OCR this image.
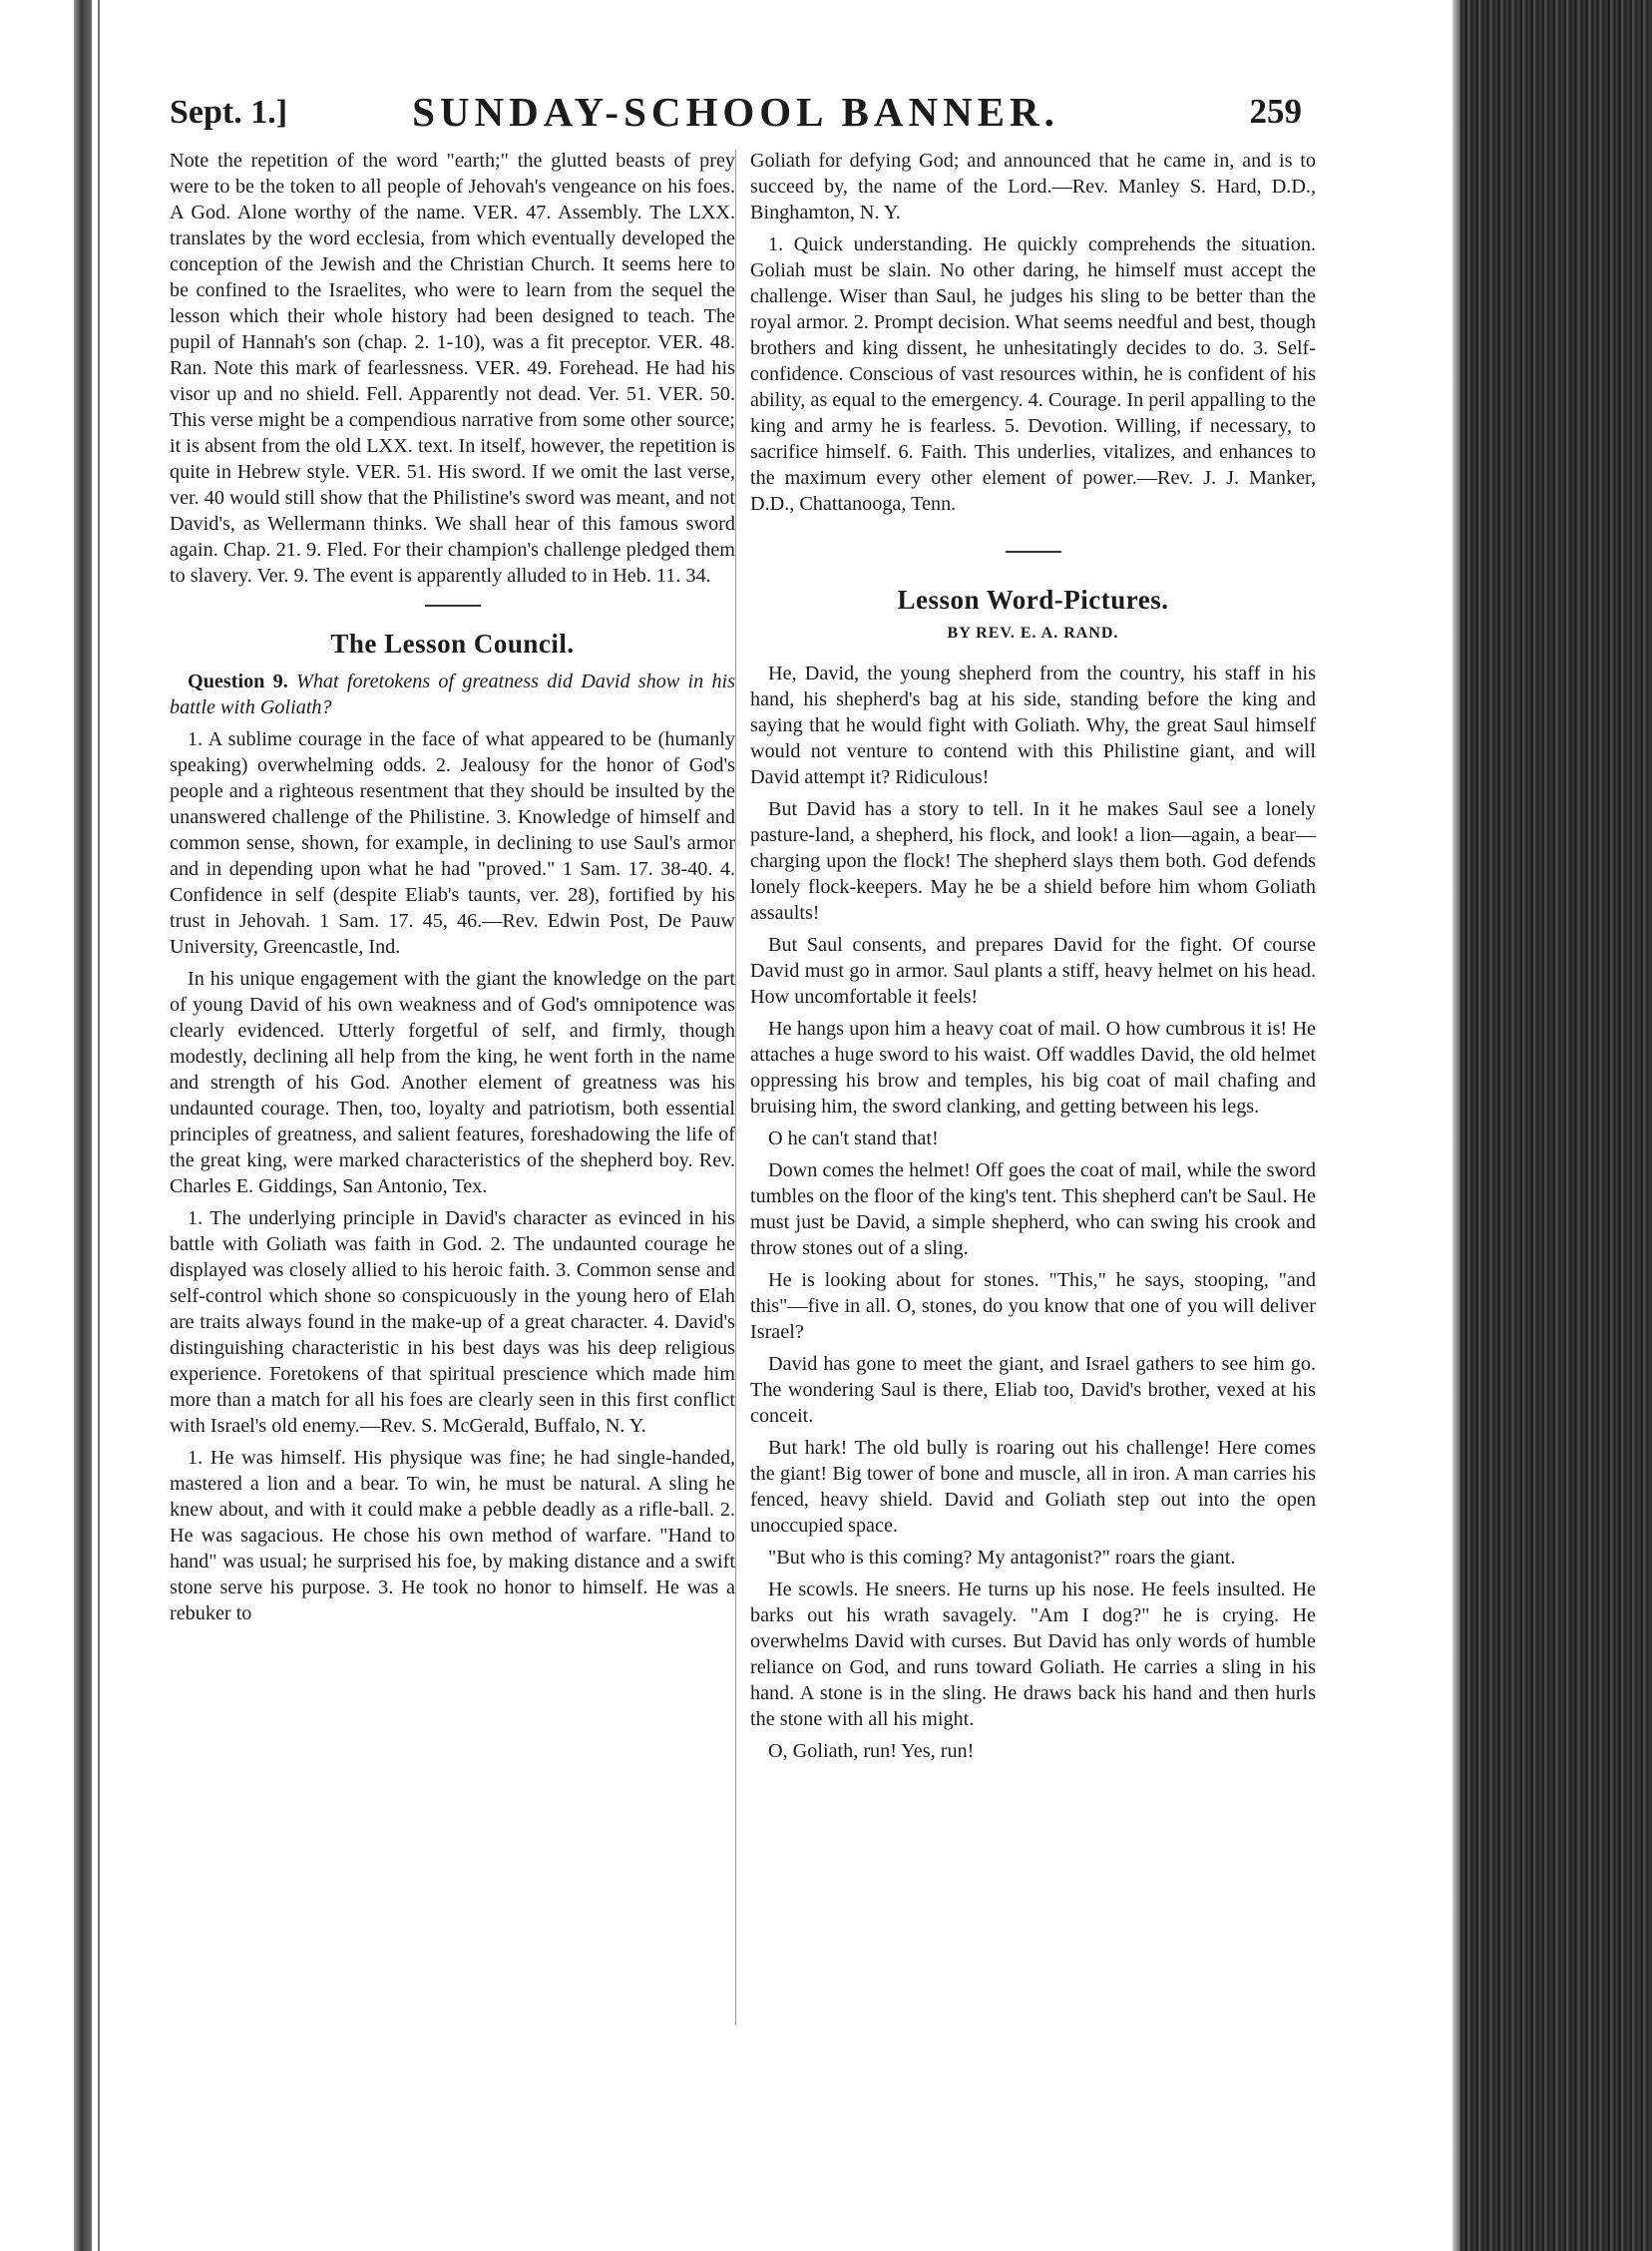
Sept. 1.]	SUNDAY-SCHOOL BANNER.	259

Note the repetition of the word "earth;" the glutted beasts of prey were to be the token to all people of Jehovah's vengeance on his foes. A God. Alone worthy of the name. VER. 47. Assembly. The LXX. translates by the word ecclesia, from which eventually developed the conception of the Jewish and the Christian Church. It seems here to be confined to the Israelites, who were to learn from the sequel the lesson which their whole history had been designed to teach. The pupil of Hannah's son (chap. 2. 1-10), was a fit preceptor. VER. 48. Ran. Note this mark of fearlessness. VER. 49. Forehead. He had his visor up and no shield. Fell. Apparently not dead. Ver. 51. VER. 50. This verse might be a compendious narrative from some other source; it is absent from the old LXX. text. In itself, however, the repetition is quite in Hebrew style. VER. 51. His sword. If we omit the last verse, ver. 40 would still show that the Philistine's sword was meant, and not David's, as Wellermann thinks. We shall hear of this famous sword again. Chap. 21. 9. Fled. For their champion's challenge pledged them to slavery. Ver. 9. The event is apparently alluded to in Heb. 11. 34.

The Lesson Council.

Question 9. What foretokens of greatness did David show in his battle with Goliath?

1. A sublime courage in the face of what appeared to be (humanly speaking) overwhelming odds. 2. Jealousy for the honor of God's people and a righteous resentment that they should be insulted by the unanswered challenge of the Philistine. 3. Knowledge of himself and common sense, shown, for example, in declining to use Saul's armor and in depending upon what he had "proved." 1 Sam. 17. 38-40. 4. Confidence in self (despite Eliab's taunts, ver. 28), fortified by his trust in Jehovah. 1 Sam. 17. 45, 46.—Rev. Edwin Post, De Pauw University, Greencastle, Ind.

In his unique engagement with the giant the knowledge on the part of young David of his own weakness and of God's omnipotence was clearly evidenced. Utterly forgetful of self, and firmly, though modestly, declining all help from the king, he went forth in the name and strength of his God. Another element of greatness was his undaunted courage. Then, too, loyalty and patriotism, both essential principles of greatness, and salient features, foreshadowing the life of the great king, were marked characteristics of the shepherd boy. Rev. Charles E. Giddings, San Antonio, Tex.

1. The underlying principle in David's character as evinced in his battle with Goliath was faith in God. 2. The undaunted courage he displayed was closely allied to his heroic faith. 3. Common sense and self-control which shone so conspicuously in the young hero of Elah are traits always found in the make-up of a great character. 4. David's distinguishing characteristic in his best days was his deep religious experience. Foretokens of that spiritual prescience which made him more than a match for all his foes are clearly seen in this first conflict with Israel's old enemy.—Rev. S. McGerald, Buffalo, N. Y.

1. He was himself. His physique was fine; he had single-handed, mastered a lion and a bear. To win, he must be natural. A sling he knew about, and with it could make a pebble deadly as a rifle-ball. 2. He was sagacious. He chose his own method of warfare. "Hand to hand" was usual; he surprised his foe, by making distance and a swift stone serve his purpose. 3. He took no honor to himself. He was a rebuker to

Goliath for defying God; and announced that he came in, and is to succeed by, the name of the Lord.—Rev. Manley S. Hard, D.D., Binghamton, N. Y.

1. Quick understanding. He quickly comprehends the situation. Goliah must be slain. No other daring, he himself must accept the challenge. Wiser than Saul, he judges his sling to be better than the royal armor. 2. Prompt decision. What seems needful and best, though brothers and king dissent, he unhesitatingly decides to do. 3. Self-confidence. Conscious of vast resources within, he is confident of his ability, as equal to the emergency. 4. Courage. In peril appalling to the king and army he is fearless. 5. Devotion. Willing, if necessary, to sacrifice himself. 6. Faith. This underlies, vitalizes, and enhances to the maximum every other element of power.—Rev. J. J. Manker, D.D., Chattanooga, Tenn.

Lesson Word-Pictures.
BY REV. E. A. RAND.

He, David, the young shepherd from the country, his staff in his hand, his shepherd's bag at his side, standing before the king and saying that he would fight with Goliath. Why, the great Saul himself would not venture to contend with this Philistine giant, and will David attempt it? Ridiculous!

But David has a story to tell. In it he makes Saul see a lonely pasture-land, a shepherd, his flock, and look! a lion—again, a bear—charging upon the flock! The shepherd slays them both. God defends lonely flock-keepers. May he be a shield before him whom Goliath assaults!

But Saul consents, and prepares David for the fight. Of course David must go in armor. Saul plants a stiff, heavy helmet on his head. How uncomfortable it feels!

He hangs upon him a heavy coat of mail. O how cumbrous it is! He attaches a huge sword to his waist. Off waddles David, the old helmet oppressing his brow and temples, his big coat of mail chafing and bruising him, the sword clanking, and getting between his legs.

O he can't stand that!

Down comes the helmet! Off goes the coat of mail, while the sword tumbles on the floor of the king's tent. This shepherd can't be Saul. He must just be David, a simple shepherd, who can swing his crook and throw stones out of a sling.

He is looking about for stones. "This," he says, stooping, "and this"—five in all. O, stones, do you know that one of you will deliver Israel?

David has gone to meet the giant, and Israel gathers to see him go. The wondering Saul is there, Eliab too, David's brother, vexed at his conceit.

But hark! The old bully is roaring out his challenge! Here comes the giant! Big tower of bone and muscle, all in iron. A man carries his fenced, heavy shield. David and Goliath step out into the open unoccupied space.

"But who is this coming? My antagonist?" roars the giant.

He scowls. He sneers. He turns up his nose. He feels insulted. He barks out his wrath savagely. "Am I dog?" he is crying. He overwhelms David with curses. But David has only words of humble reliance on God, and runs toward Goliath. He carries a sling in his hand. A stone is in the sling. He draws back his hand and then hurls the stone with all his might.

O, Goliath, run! Yes, run!
